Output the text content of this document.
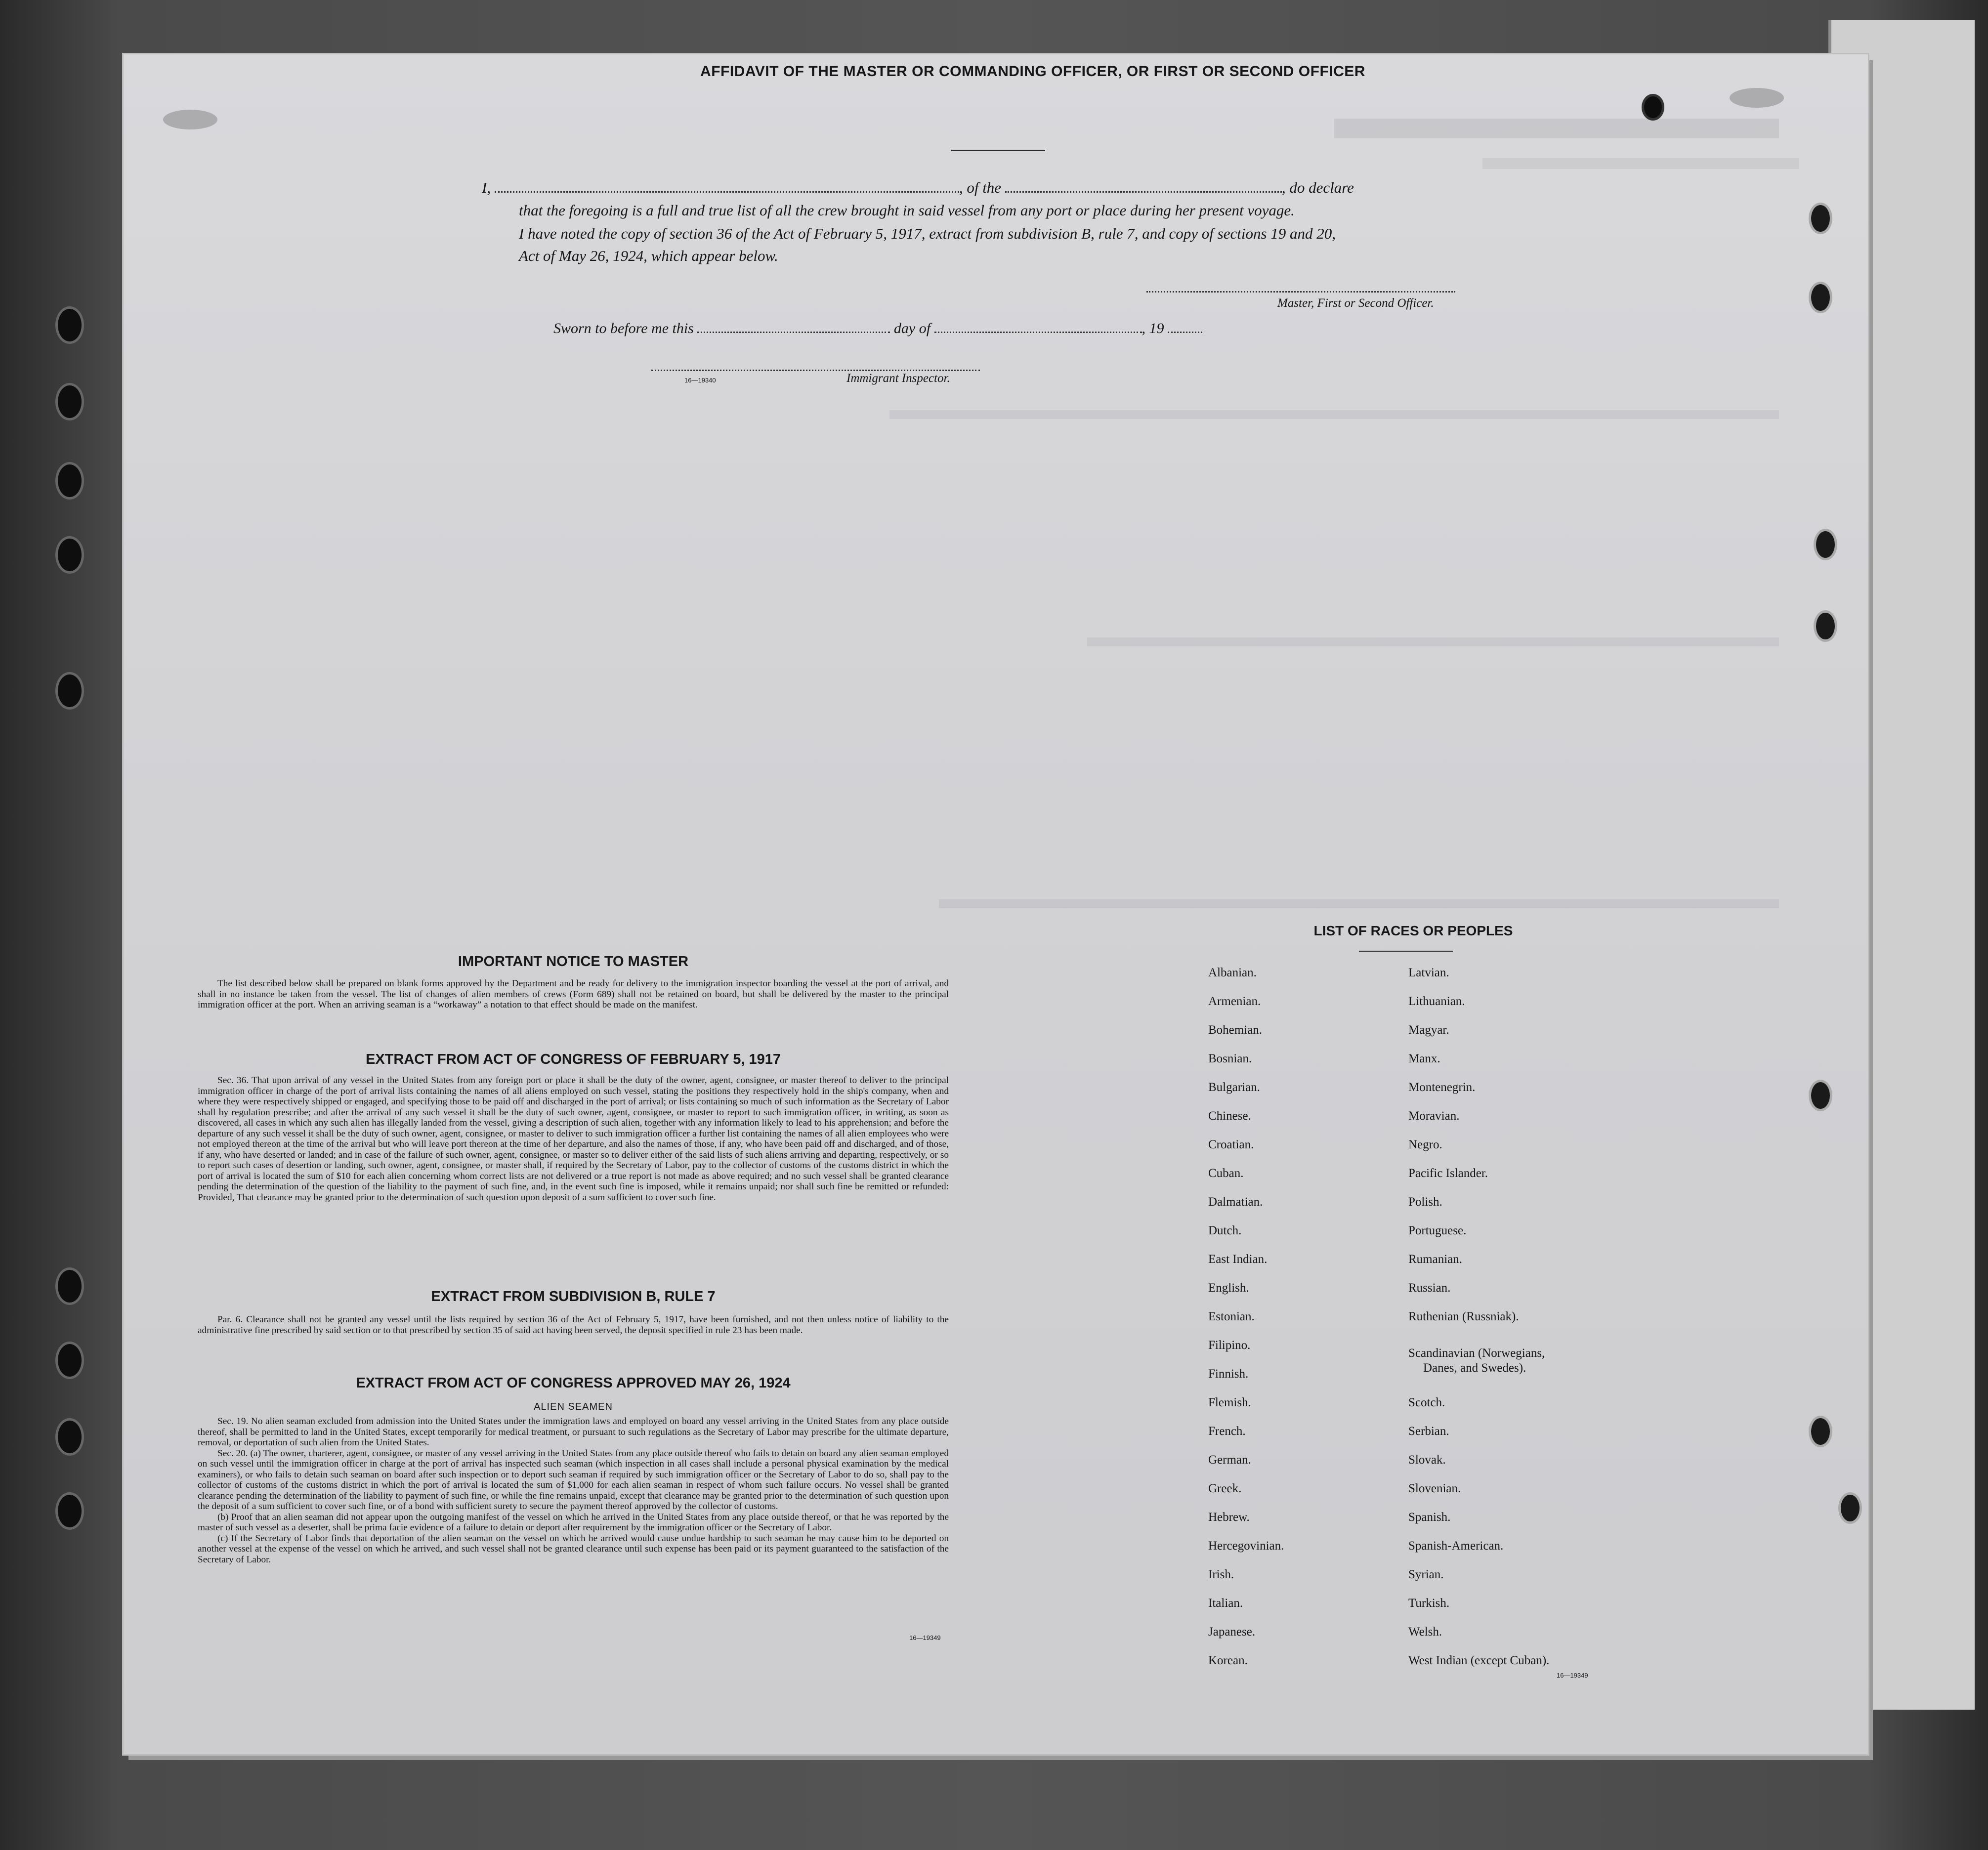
AFFIDAVIT OF THE MASTER OR COMMANDING OFFICER, OR FIRST OR SECOND OFFICER
I,	, of the	, do declare
that the foregoing is a full and true list of all the crew brought in said vessel from any port or place during her present voyage.
I have noted the copy of section 36 of the Act of February 5, 1917, extract from subdivision B, rule 7, and copy of sections 19 and 20,
Act of May 26, 1924, which appear below.
Master, First or Second Officer.
Sworn to before me this	day of	, 19
16—19340	Immigrant Inspector.
IMPORTANT NOTICE TO MASTER

The list described below shall be prepared on blank forms approved by the Department and be ready for delivery to the immigration inspector boarding the vessel at the port of arrival, and shall in no instance be taken from the vessel. The list of changes of alien members of crews (Form 689) shall not be retained on board, but shall be delivered by the master to the principal immigration officer at the port. When an arriving seaman is a “workaway” a notation to that effect should be made on the manifest.

EXTRACT FROM ACT OF CONGRESS OF FEBRUARY 5, 1917

Sec. 36. That upon arrival of any vessel in the United States from any foreign port or place it shall be the duty of the owner, agent, consignee, or master thereof to deliver to the principal immigration officer in charge of the port of arrival lists containing the names of all aliens employed on such vessel, stating the positions they respectively hold in the ship's company, when and where they were respectively shipped or engaged, and specifying those to be paid off and discharged in the port of arrival; or lists containing so much of such information as the Secretary of Labor shall by regulation prescribe; and after the arrival of any such vessel it shall be the duty of such owner, agent, consignee, or master to report to such immigration officer, in writing, as soon as discovered, all cases in which any such alien has illegally landed from the vessel, giving a description of such alien, together with any information likely to lead to his apprehension; and before the departure of any such vessel it shall be the duty of such owner, agent, consignee, or master to deliver to such immigration officer a further list containing the names of all alien employees who were not employed thereon at the time of the arrival but who will leave port thereon at the time of her departure, and also the names of those, if any, who have been paid off and discharged, and of those, if any, who have deserted or landed; and in case of the failure of such owner, agent, consignee, or master so to deliver either of the said lists of such aliens arriving and departing, respectively, or so to report such cases of desertion or landing, such owner, agent, consignee, or master shall, if required by the Secretary of Labor, pay to the collector of customs of the customs district in which the port of arrival is located the sum of $10 for each alien concerning whom correct lists are not delivered or a true report is not made as above required; and no such vessel shall be granted clearance pending the determination of the question of the liability to the payment of such fine, and, in the event such fine is imposed, while it remains unpaid; nor shall such fine be remitted or refunded: Provided, That clearance may be granted prior to the determination of such question upon deposit of a sum sufficient to cover such fine.

EXTRACT FROM SUBDIVISION B, RULE 7

Par. 6. Clearance shall not be granted any vessel until the lists required by section 36 of the Act of February 5, 1917, have been furnished, and not then unless notice of liability to the administrative fine prescribed by said section or to that prescribed by section 35 of said act having been served, the deposit specified in rule 23 has been made.

EXTRACT FROM ACT OF CONGRESS APPROVED MAY 26, 1924
ALIEN SEAMEN

Sec. 19. No alien seaman excluded from admission into the United States under the immigration laws and employed on board any vessel arriving in the United States from any place outside thereof, shall be permitted to land in the United States, except temporarily for medical treatment, or pursuant to such regulations as the Secretary of Labor may prescribe for the ultimate departure, removal, or deportation of such alien from the United States.

Sec. 20. (a) The owner, charterer, agent, consignee, or master of any vessel arriving in the United States from any place outside thereof who fails to detain on board any alien seaman employed on such vessel until the immigration officer in charge at the port of arrival has inspected such seaman (which inspection in all cases shall include a personal physical examination by the medical examiners), or who fails to detain such seaman on board after such inspection or to deport such seaman if required by such immigration officer or the Secretary of Labor to do so, shall pay to the collector of customs of the customs district in which the port of arrival is located the sum of $1,000 for each alien seaman in respect of whom such failure occurs. No vessel shall be granted clearance pending the determination of the liability to payment of such fine, or while the fine remains unpaid, except that clearance may be granted prior to the determination of such question upon the deposit of a sum sufficient to cover such fine, or of a bond with sufficient surety to secure the payment thereof approved by the collector of customs.

(b) Proof that an alien seaman did not appear upon the outgoing manifest of the vessel on which he arrived in the United States from any place outside thereof, or that he was reported by the master of such vessel as a deserter, shall be prima facie evidence of a failure to detain or deport after requirement by the immigration officer or the Secretary of Labor.

(c) If the Secretary of Labor finds that deportation of the alien seaman on the vessel on which he arrived would cause undue hardship to such seaman he may cause him to be deported on another vessel at the expense of the vessel on which he arrived, and such vessel shall not be granted clearance until such expense has been paid or its payment guaranteed to the satisfaction of the Secretary of Labor.

16—19349
LIST OF RACES OR PEOPLES
Albanian.
Armenian.
Bohemian.
Bosnian.
Bulgarian.
Chinese.
Croatian.
Cuban.
Dalmatian.
Dutch.
East Indian.
English.
Estonian.
Filipino.
Finnish.
Flemish.
French.
German.
Greek.
Hebrew.
Hercegovinian.
Irish.
Italian.
Japanese.
Korean.
Latvian.
Lithuanian.
Magyar.
Manx.
Montenegrin.
Moravian.
Negro.
Pacific Islander.
Polish.
Portuguese.
Rumanian.
Russian.
Ruthenian (Russniak).
Scandinavian (Norwegians,
Danes, and Swedes).
Scotch.
Serbian.
Slovak.
Slovenian.
Spanish.
Spanish-American.
Syrian.
Turkish.
Welsh.
West Indian (except Cuban).
16—19349
